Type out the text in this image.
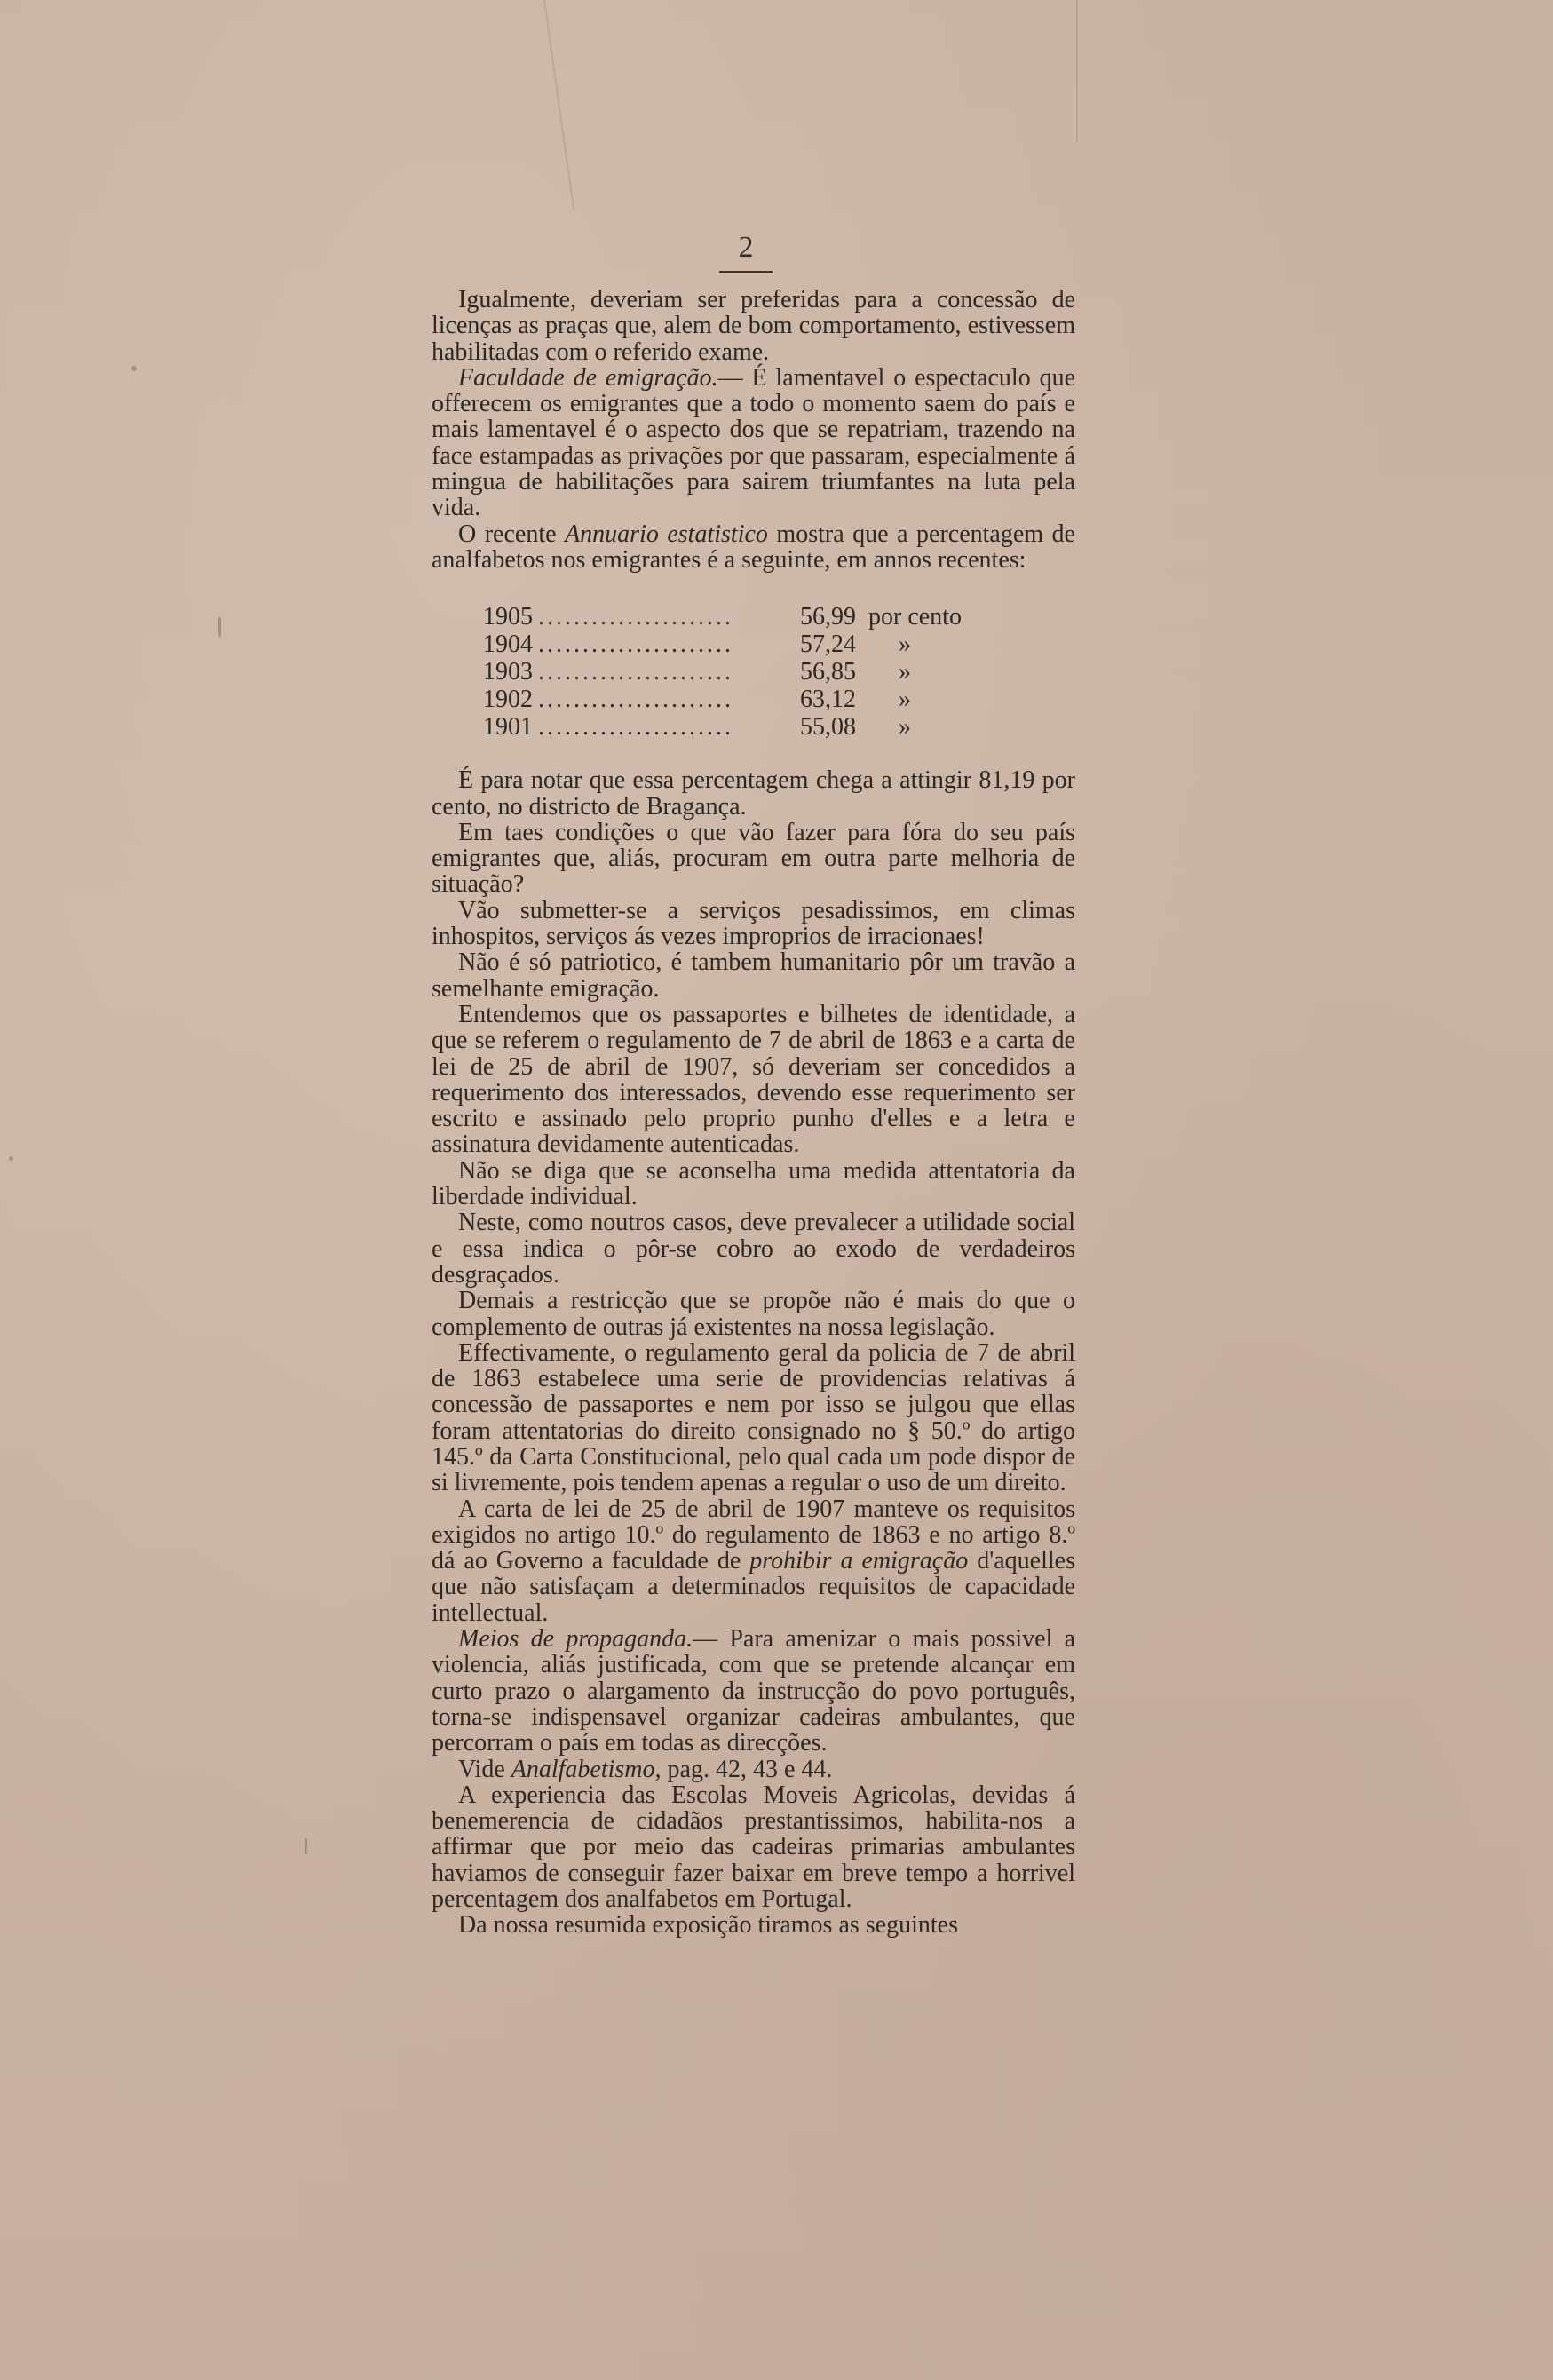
2

Igualmente, deveriam ser preferidas para a concessão de licenças as praças que, alem de bom comportamento, estivessem habilitadas com o referido exame.

Faculdade de emigração.— É lamentavel o espectaculo que offerecem os emigrantes que a todo o momento saem do país e mais lamentavel é o aspecto dos que se repatriam, trazendo na face estampadas as privações por que passaram, especialmente á mingua de habilitações para sairem triumfantes na luta pela vida.

O recente Annuario estatistico mostra que a percentagem de analfabetos nos emigrantes é a seguinte, em annos recentes:

1905 ......................	56,99 por cento
1904 ......................	57,24 »
1903 ......................	56,85 »
1902 ......................	63,12 »
1901 ......................	55,08 »

É para notar que essa percentagem chega a attingir 81,19 por cento, no districto de Bragança.

Em taes condições o que vão fazer para fóra do seu país emigrantes que, aliás, procuram em outra parte melhoria de situação?

Vão submetter-se a serviços pesadissimos, em climas inhospitos, serviços ás vezes improprios de irracionaes!

Não é só patriotico, é tambem humanitario pôr um travão a semelhante emigração.

Entendemos que os passaportes e bilhetes de identidade, a que se referem o regulamento de 7 de abril de 1863 e a carta de lei de 25 de abril de 1907, só deveriam ser concedidos a requerimento dos interessados, devendo esse requerimento ser escrito e assinado pelo proprio punho d'elles e a letra e assinatura devidamente autenticadas.

Não se diga que se aconselha uma medida attentatoria da liberdade individual.

Neste, como noutros casos, deve prevalecer a utilidade social e essa indica o pôr-se cobro ao exodo de verdadeiros desgraçados.

Demais a restricção que se propõe não é mais do que o complemento de outras já existentes na nossa legislação.

Effectivamente, o regulamento geral da policia de 7 de abril de 1863 estabelece uma serie de providencias relativas á concessão de passaportes e nem por isso se julgou que ellas foram attentatorias do direito consignado no § 50.º do artigo 145.º da Carta Constitucional, pelo qual cada um pode dispor de si livremente, pois tendem apenas a regular o uso de um direito.

A carta de lei de 25 de abril de 1907 manteve os requisitos exigidos no artigo 10.º do regulamento de 1863 e no artigo 8.º dá ao Governo a faculdade de prohibir a emigração d'aquelles que não satisfaçam a determinados requisitos de capacidade intellectual.

Meios de propaganda.— Para amenizar o mais possivel a violencia, aliás justificada, com que se pretende alcançar em curto prazo o alargamento da instrucção do povo português, torna-se indispensavel organizar cadeiras ambulantes, que percorram o país em todas as direcções.

Vide Analfabetismo, pag. 42, 43 e 44.

A experiencia das Escolas Moveis Agricolas, devidas á benemerencia de cidadãos prestantissimos, habilita-nos a affirmar que por meio das cadeiras primarias ambulantes haviamos de conseguir fazer baixar em breve tempo a horrivel percentagem dos analfabetos em Portugal.

Da nossa resumida exposição tiramos as seguintes
